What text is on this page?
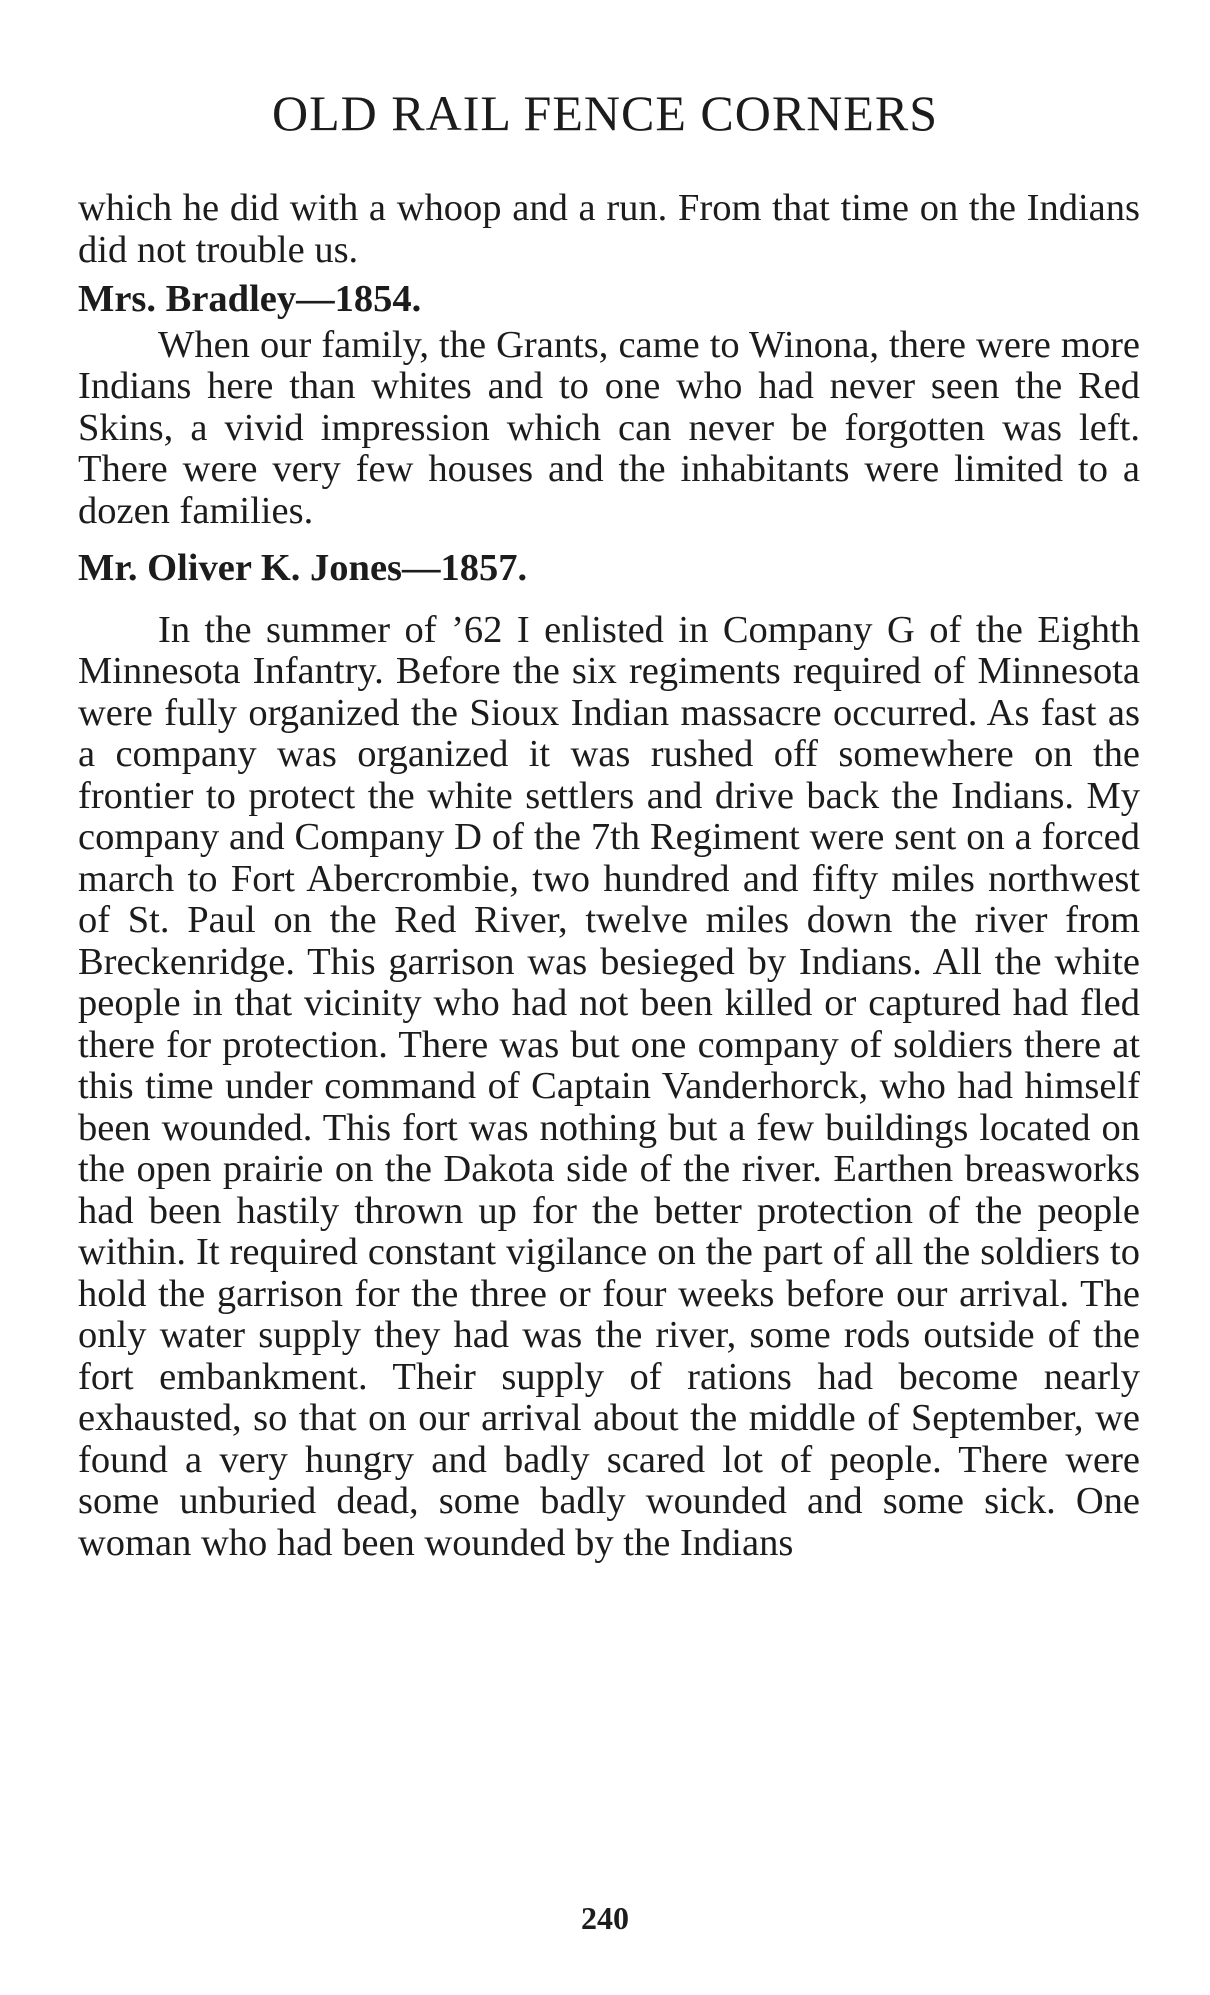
OLD RAIL FENCE CORNERS

which he did with a whoop and a run. From that time on the Indians did not trouble us.

Mrs. Bradley—1854.

When our family, the Grants, came to Winona, there were more Indians here than whites and to one who had never seen the Red Skins, a vivid impression which can never be forgotten was left. There were very few houses and the inhabitants were limited to a dozen families.

Mr. Oliver K. Jones—1857.

In the summer of ’62 I enlisted in Company G of the Eighth Minnesota Infantry. Before the six regiments required of Minnesota were fully organized the Sioux Indian massacre occurred. As fast as a company was organized it was rushed off somewhere on the frontier to protect the white settlers and drive back the Indians. My company and Company D of the 7th Regiment were sent on a forced march to Fort Abercrombie, two hundred and fifty miles northwest of St. Paul on the Red River, twelve miles down the river from Breckenridge. This garrison was besieged by Indians. All the white people in that vicinity who had not been killed or captured had fled there for protection. There was but one company of soldiers there at this time under command of Captain Vanderhorck, who had himself been wounded. This fort was nothing but a few buildings located on the open prairie on the Dakota side of the river. Earthen breasworks had been hastily thrown up for the better protection of the people within. It required constant vigilance on the part of all the soldiers to hold the garrison for the three or four weeks before our arrival. The only water supply they had was the river, some rods outside of the fort embankment. Their supply of rations had become nearly exhausted, so that on our arrival about the middle of September, we found a very hungry and badly scared lot of people. There were some unburied dead, some badly wounded and some sick. One woman who had been wounded by the Indians

240
